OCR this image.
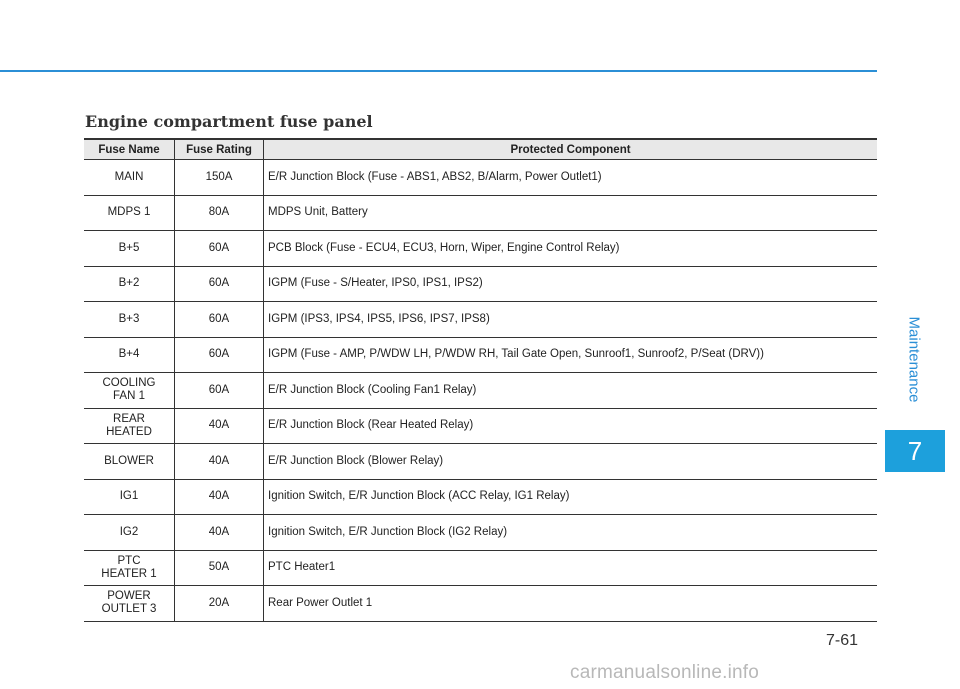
Engine compartment fuse panel
Fuse Name	Fuse Rating	Protected Component
MAIN	150A	E/R Junction Block (Fuse - ABS1, ABS2, B/Alarm, Power Outlet1)
MDPS 1	80A	MDPS Unit, Battery
B+5	60A	PCB Block (Fuse - ECU4, ECU3, Horn, Wiper, Engine Control Relay)
B+2	60A	IGPM (Fuse - S/Heater, IPS0, IPS1, IPS2)
B+3	60A	IGPM (IPS3, IPS4, IPS5, IPS6, IPS7, IPS8)
B+4	60A	IGPM (Fuse - AMP, P/WDW LH, P/WDW RH, Tail Gate Open, Sunroof1, Sunroof2, P/Seat (DRV))
COOLING
FAN 1	60A	E/R Junction Block (Cooling Fan1 Relay)
REAR
HEATED	40A	E/R Junction Block (Rear Heated Relay)
BLOWER	40A	E/R Junction Block (Blower Relay)
IG1	40A	Ignition Switch, E/R Junction Block (ACC Relay, IG1 Relay)
IG2	40A	Ignition Switch, E/R Junction Block (IG2 Relay)
PTC
HEATER 1	50A	PTC Heater1
POWER
OUTLET 3	20A	Rear Power Outlet 1
Maintenance
7
7-61
carmanualsonline.info
